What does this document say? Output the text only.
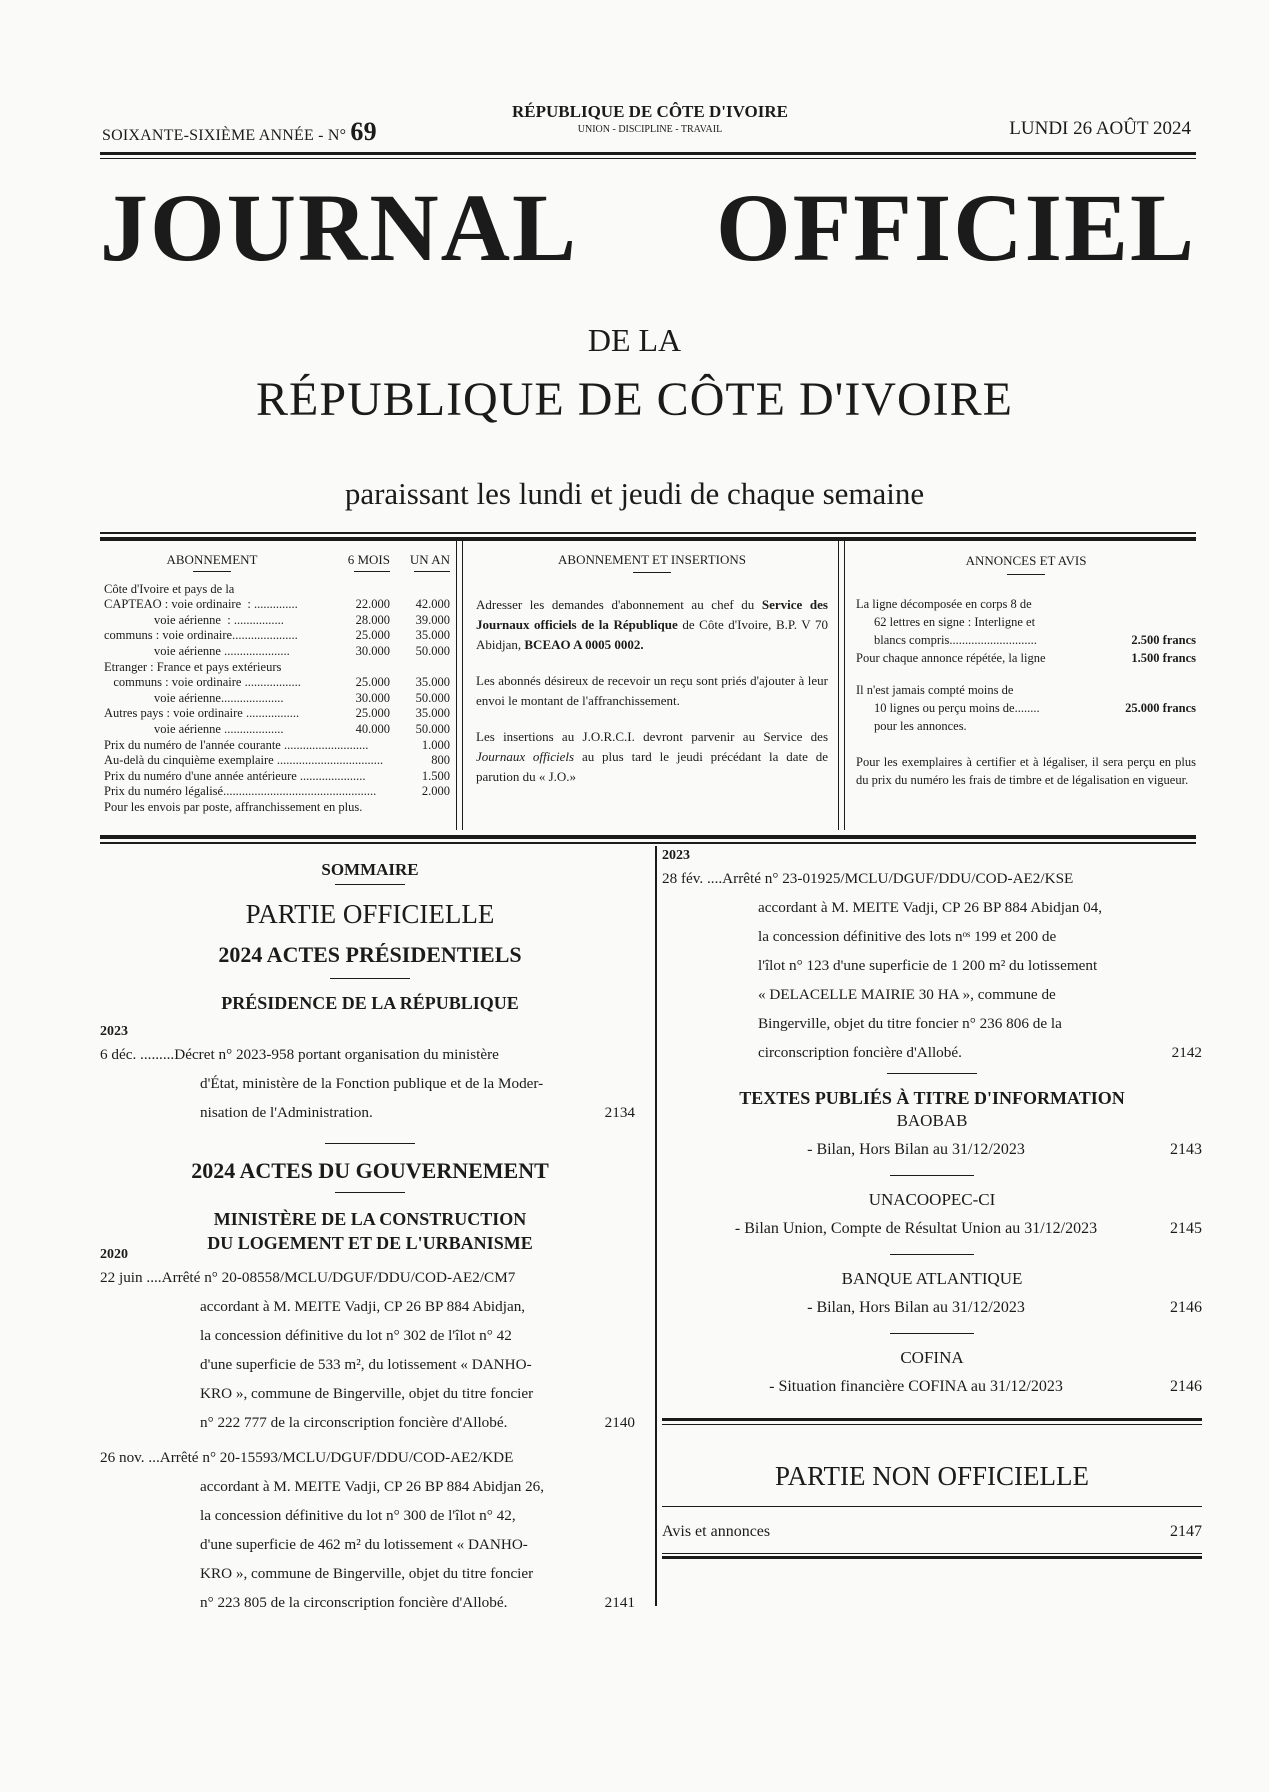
SOIXANTE-SIXIÈME ANNÉE - N° 69
RÉPUBLIQUE DE CÔTE D'IVOIRE
UNION - DISCIPLINE - TRAVAIL	LUNDI 26 AOÛT 2024
JOURNAL OFFICIEL
DE LA
RÉPUBLIQUE DE CÔTE D'IVOIRE
paraissant les lundi et jeudi de chaque semaine
ABONNEMENT	6 MOIS	UN AN
Côte d'Ivoire et pays de la
CAPTEAO : voie ordinaire  : ..............	22.000	42.000
voie aérienne  : ................	28.000	39.000
communs : voie ordinaire.....................	25.000	35.000
voie aérienne .....................	30.000	50.000
Etranger : France et pays extérieurs
communs : voie ordinaire ..................	25.000	35.000
voie aérienne....................	30.000	50.000
Autres pays : voie ordinaire .................	25.000	35.000
voie aérienne ...................	40.000	50.000
Prix du numéro de l'année courante ...........................	1.000
Au-delà du cinquième exemplaire ..................................	800
Prix du numéro d'une année antérieure .....................	1.500
Prix du numéro légalisé.................................................	2.000
Pour les envois par poste, affranchissement en plus.
ABONNEMENT ET INSERTIONS

Adresser les demandes d'abonnement au chef du Service des Journaux officiels de la République de Côte d'Ivoire, B.P. V 70 Abidjan, BCEAO A 0005 0002.

Les abonnés désireux de recevoir un reçu sont priés d'ajouter à leur envoi le montant de l'affranchissement.

Les insertions au J.O.R.C.I. devront parvenir au Service des Journaux officiels au plus tard le jeudi précédant la date de parution du « J.O.»

ANNONCES ET AVIS
La ligne décomposée en corps 8 de
62 lettres en signe : Interligne et
blancs compris............................	2.500 francs
Pour chaque annonce répétée, la ligne	1.500 francs
Il n'est jamais compté moins de
10 lignes ou perçu moins de........	25.000 francs
pour les annonces.
Pour les exemplaires à certifier et à légaliser, il sera perçu en plus du prix du numéro les frais de timbre et de légalisation en vigueur.
SOMMAIRE
PARTIE OFFICIELLE
2024 ACTES PRÉSIDENTIELS
PRÉSIDENCE DE LA RÉPUBLIQUE
2023
6 déc. .........Décret n° 2023-958 portant organisation du ministère
d'État, ministère de la Fonction publique et de la Moder-
nisation de l'Administration.	2134
2024 ACTES DU GOUVERNEMENT
MINISTÈRE DE LA CONSTRUCTION
DU LOGEMENT ET DE L'URBANISME
2020
22 juin ....Arrêté n° 20-08558/MCLU/DGUF/DDU/COD-AE2/CM7
accordant à M. MEITE Vadji, CP 26 BP 884 Abidjan,
la concession définitive du lot n° 302 de l'îlot n° 42
d'une superficie de 533 m², du lotissement « DANHO-
KRO », commune de Bingerville, objet du titre foncier
n° 222 777 de la circonscription foncière d'Allobé.	2140
26 nov. ...Arrêté n° 20-15593/MCLU/DGUF/DDU/COD-AE2/KDE
accordant à M. MEITE Vadji, CP 26 BP 884 Abidjan 26,
la concession définitive du lot n° 300 de l'îlot n° 42,
d'une superficie de 462 m² du lotissement « DANHO-
KRO », commune de Bingerville, objet du titre foncier
n° 223 805 de la circonscription foncière d'Allobé.	2141
2023
28 fév. ....Arrêté n° 23-01925/MCLU/DGUF/DDU/COD-AE2/KSE
accordant à M. MEITE Vadji, CP 26 BP 884 Abidjan 04,
la concession définitive des lots nᵒˢ 199 et 200 de
l'îlot n° 123 d'une superficie de 1 200 m² du lotissement
« DELACELLE MAIRIE 30 HA », commune de
Bingerville, objet du titre foncier n° 236 806 de la
circonscription foncière d'Allobé.	2142
TEXTES PUBLIÉS À TITRE D'INFORMATION
BAOBAB
- Bilan, Hors Bilan au 31/12/2023	2143
UNACOOPEC-CI
- Bilan Union, Compte de Résultat Union au 31/12/2023	2145
BANQUE ATLANTIQUE
- Bilan, Hors Bilan au 31/12/2023	2146
COFINA
- Situation financière COFINA au 31/12/2023	2146
PARTIE NON OFFICIELLE
Avis et annonces	2147
